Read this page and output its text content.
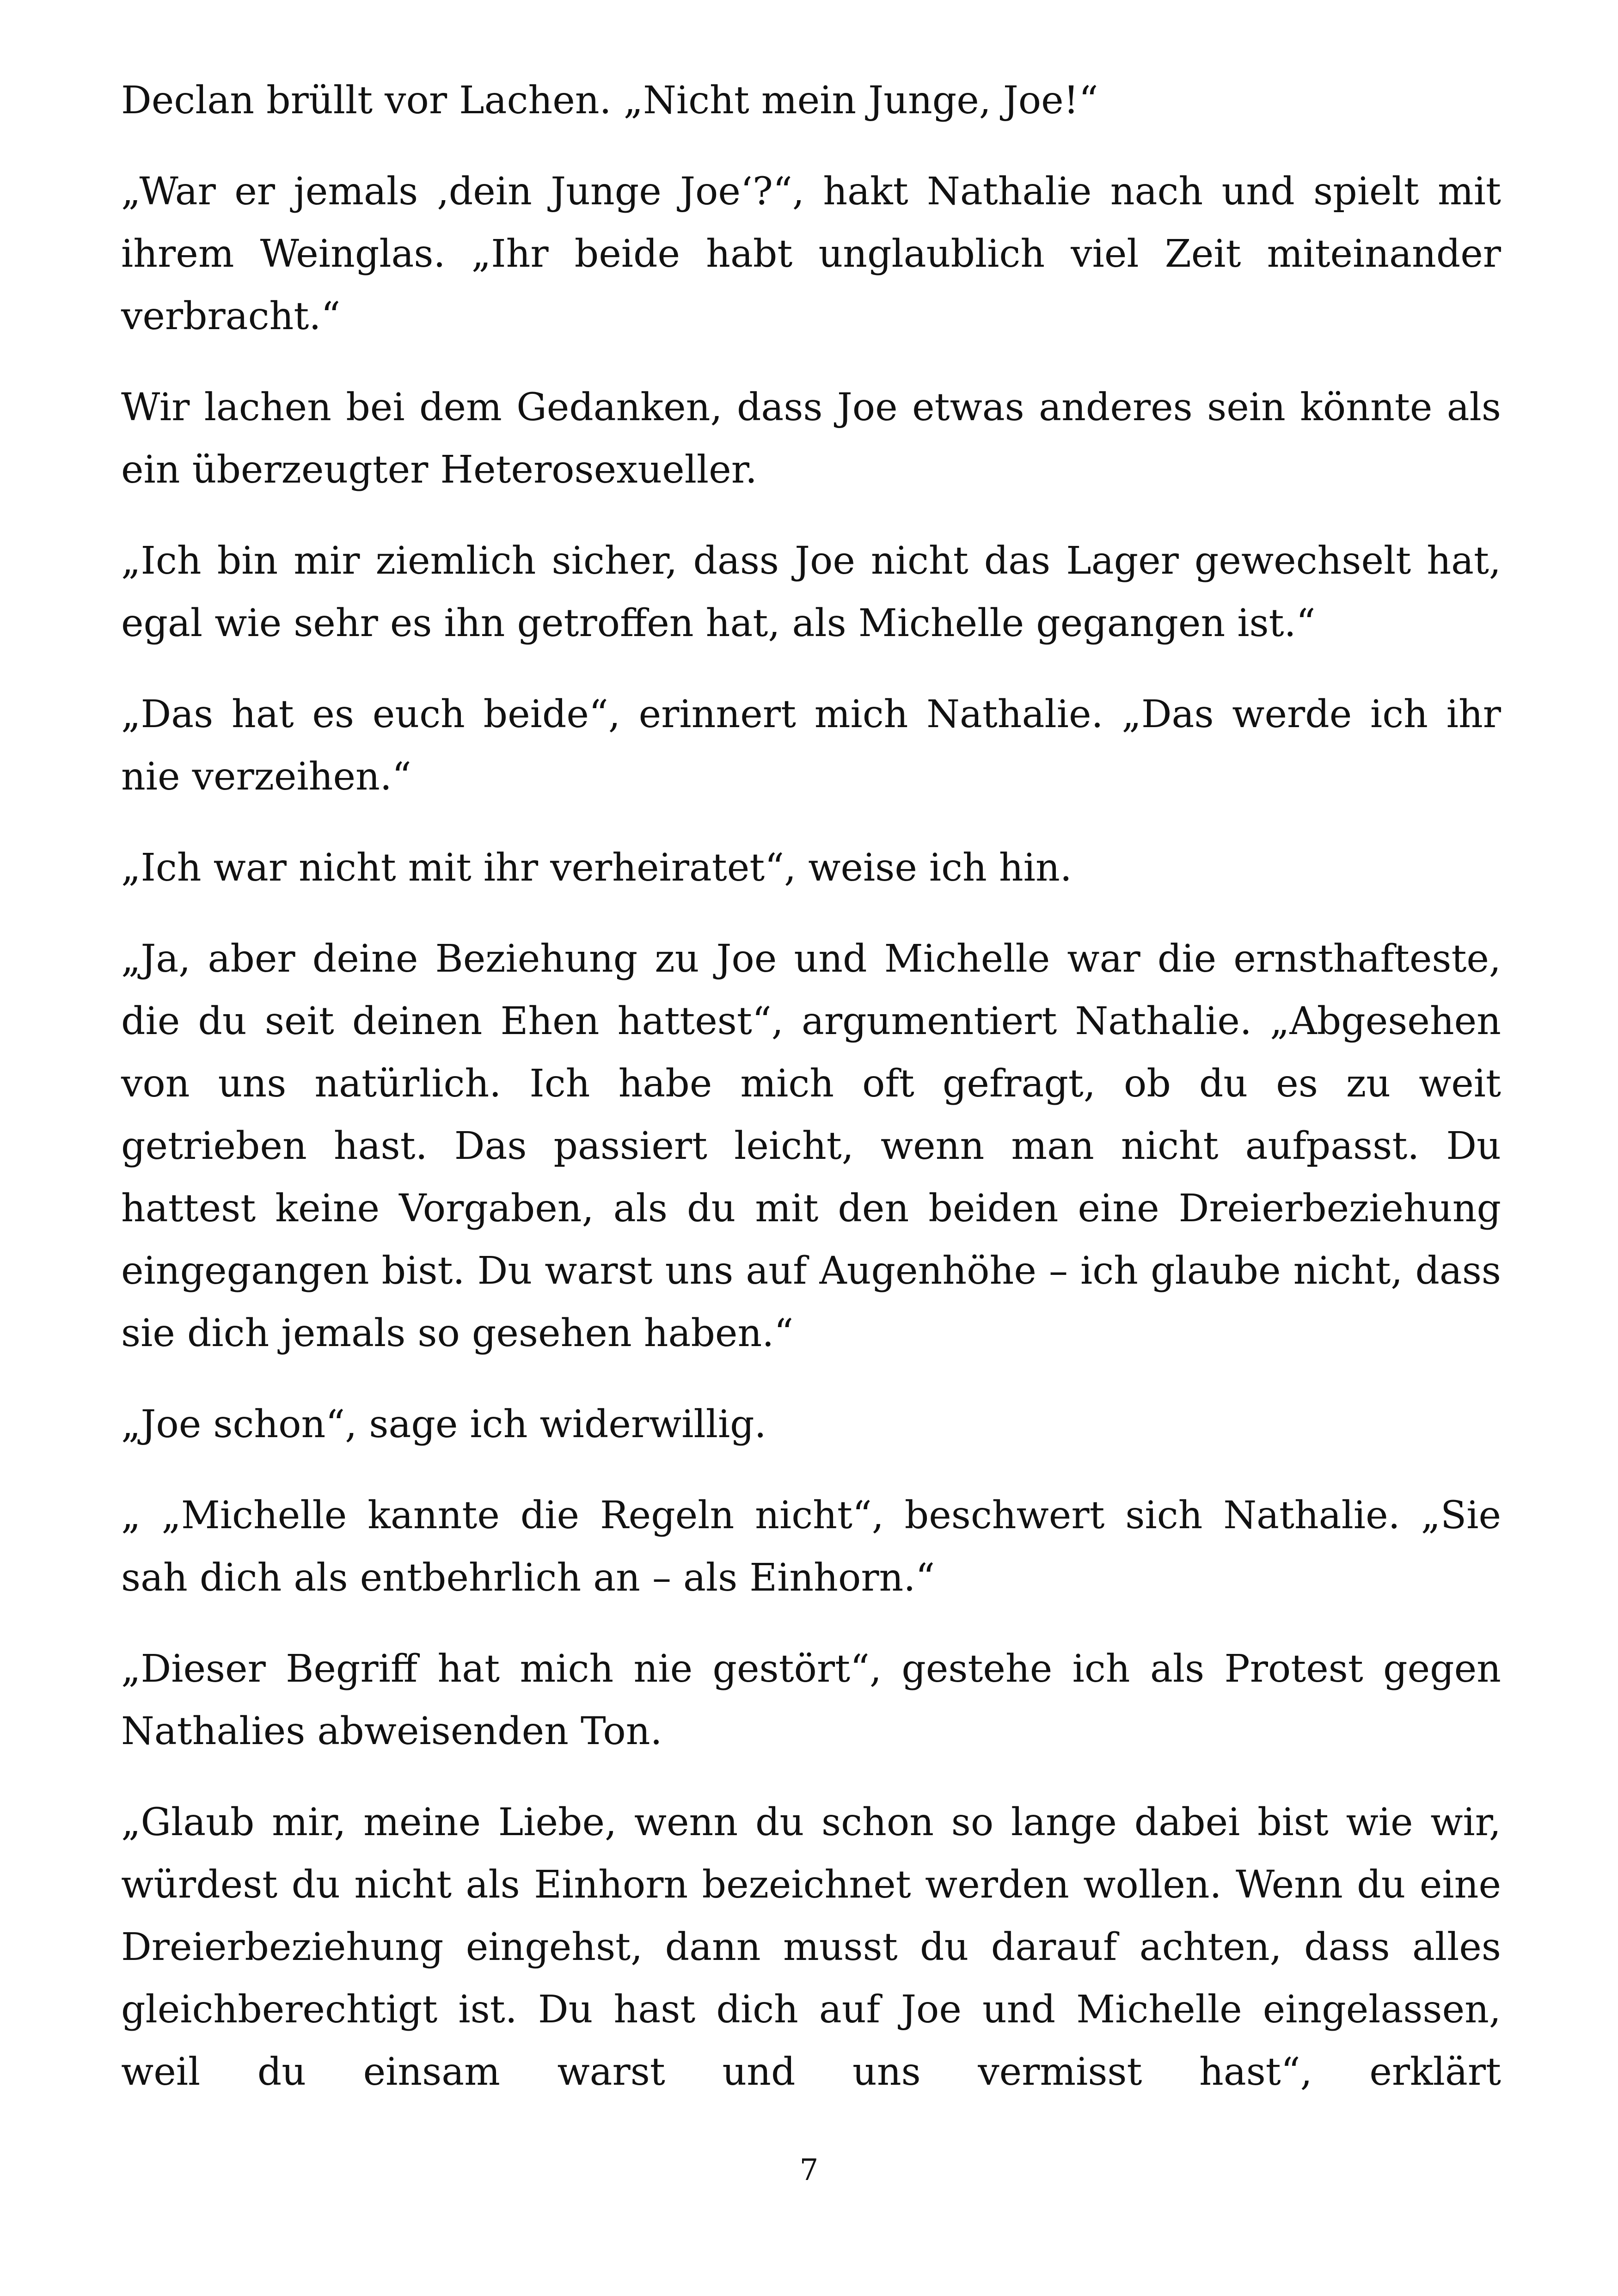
Declan brüllt vor Lachen. „Nicht mein Junge, Joe!“

„War er jemals ‚dein Junge Joe‘?“, hakt Nathalie nach und spielt mit ihrem Weinglas. „Ihr beide habt unglaublich viel Zeit miteinander verbracht.“

Wir lachen bei dem Gedanken, dass Joe etwas anderes sein könnte als ein überzeugter Heterosexueller.

„Ich bin mir ziemlich sicher, dass Joe nicht das Lager gewechselt hat, egal wie sehr es ihn getroffen hat, als Michelle gegangen ist.“

„Das hat es euch beide“, erinnert mich Nathalie. „Das werde ich ihr nie verzeihen.“

„Ich war nicht mit ihr verheiratet“, weise ich hin.

„Ja, aber deine Beziehung zu Joe und Michelle war die ernsthafteste, die du seit deinen Ehen hattest“, argumentiert Nathalie. „Abgesehen von uns natürlich. Ich habe mich oft gefragt, ob du es zu weit getrieben hast. Das passiert leicht, wenn man nicht aufpasst. Du hattest keine Vorgaben, als du mit den beiden eine Dreierbeziehung eingegangen bist. Du warst uns auf Augenhöhe – ich glaube nicht, dass sie dich jemals so gesehen haben.“

„Joe schon“, sage ich widerwillig.

„ „Michelle kannte die Regeln nicht“, beschwert sich Nathalie. „Sie sah dich als entbehrlich an – als Einhorn.“

„Dieser Begriff hat mich nie gestört“, gestehe ich als Protest gegen Nathalies abweisenden Ton.

„Glaub mir, meine Liebe, wenn du schon so lange dabei bist wie wir, würdest du nicht als Einhorn bezeichnet werden wollen. Wenn du eine Dreierbeziehung eingehst, dann musst du darauf achten, dass alles gleichberechtigt ist. Du hast dich auf Joe und Michelle eingelassen, weil du einsam warst und uns vermisst hast“, erklärt

7
